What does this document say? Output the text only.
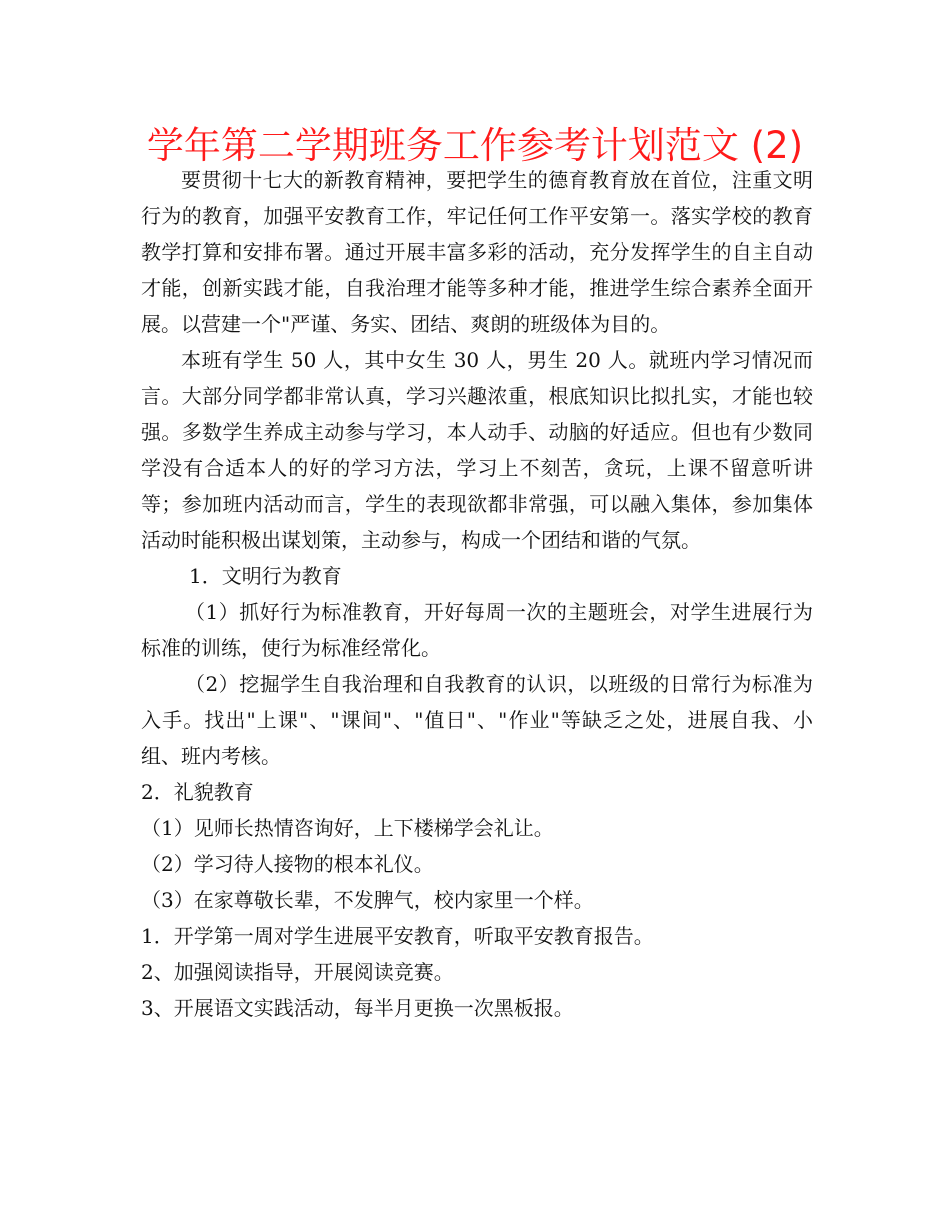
学年第二学期班务工作参考计划范文 (2)

要贯彻十七大的新教育精神，要把学生的德育教育放在首位，注重文明行为的教育，加强平安教育工作，牢记任何工作平安第一。落实学校的教育教学打算和安排布署。通过开展丰富多彩的活动，充分发挥学生的自主自动才能，创新实践才能，自我治理才能等多种才能，推进学生综合素养全面开展。以营建一个"严谨、务实、团结、爽朗的班级体为目的。

本班有学生 50 人，其中女生 30 人，男生 20 人。就班内学习情况而言。大部分同学都非常认真，学习兴趣浓重，根底知识比拟扎实，才能也较强。多数学生养成主动参与学习，本人动手、动脑的好适应。但也有少数同学没有合适本人的好的学习方法，学习上不刻苦，贪玩，上课不留意听讲等；参加班内活动而言，学生的表现欲都非常强，可以融入集体，参加集体活动时能积极出谋划策，主动参与，构成一个团结和谐的气氛。

1．文明行为教育

（1）抓好行为标准教育，开好每周一次的主题班会，对学生进展行为标准的训练，使行为标准经常化。

（2）挖掘学生自我治理和自我教育的认识，以班级的日常行为标准为入手。找出"上课"、"课间"、"值日"、"作业"等缺乏之处，进展自我、小组、班内考核。

2．礼貌教育

（1）见师长热情咨询好，上下楼梯学会礼让。

（2）学习待人接物的根本礼仪。

（3）在家尊敬长辈，不发脾气，校内家里一个样。

1．开学第一周对学生进展平安教育，听取平安教育报告。

2、加强阅读指导，开展阅读竞赛。

3、开展语文实践活动，每半月更换一次黑板报。
